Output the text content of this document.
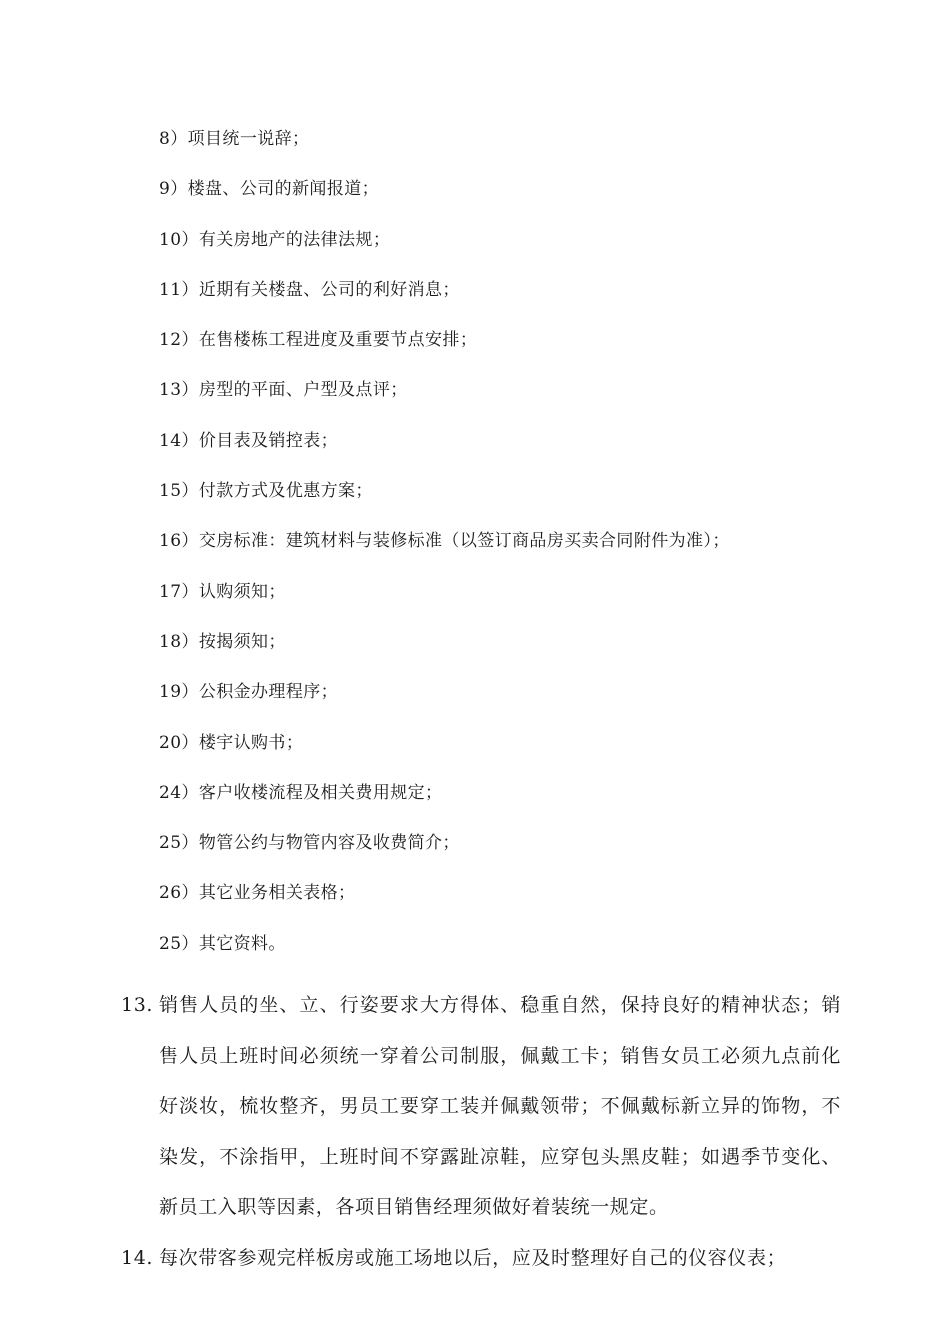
8）项目统一说辞；
9）楼盘、公司的新闻报道；
10）有关房地产的法律法规；
11）近期有关楼盘、公司的利好消息；
12）在售楼栋工程进度及重要节点安排；
13）房型的平面、户型及点评；
14）价目表及销控表；
15）付款方式及优惠方案；
16）交房标准：建筑材料与装修标准（以签订商品房买卖合同附件为准）；
17）认购须知；
18）按揭须知；
19）公积金办理程序；
20）楼宇认购书；
24）客户收楼流程及相关费用规定；
25）物管公约与物管内容及收费简介；
26）其它业务相关表格；
25）其它资料。
13. 销售人员的坐、立、行姿要求大方得体、稳重自然，保持良好的精神状态；销售人员上班时间必须统一穿着公司制服，佩戴工卡；销售女员工必须九点前化好淡妆，梳妆整齐，男员工要穿工装并佩戴领带；不佩戴标新立异的饰物，不染发，不涂指甲，上班时间不穿露趾凉鞋，应穿包头黑皮鞋；如遇季节变化、新员工入职等因素，各项目销售经理须做好着装统一规定。
14. 每次带客参观完样板房或施工场地以后，应及时整理好自己的仪容仪表；
